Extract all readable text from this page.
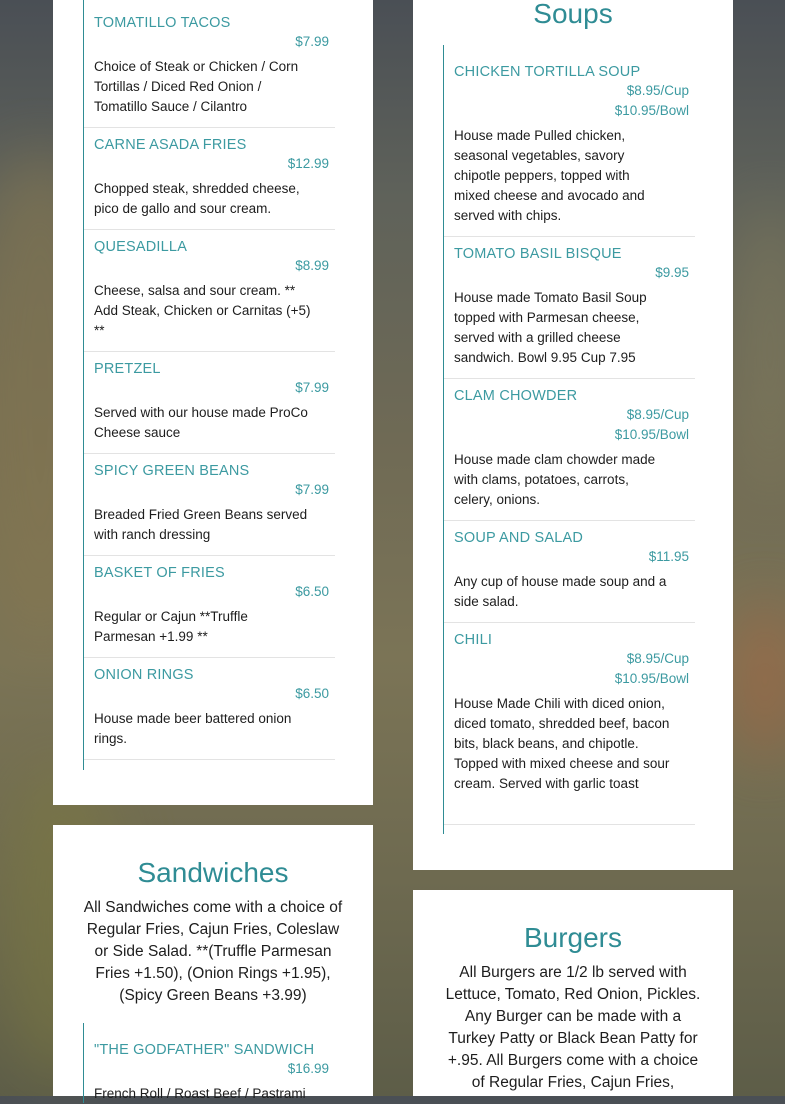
TOMATILLO TACOS
$7.99
Choice of Steak or Chicken / Corn Tortillas / Diced Red Onion / Tomatillo Sauce / Cilantro
CARNE ASADA FRIES
$12.99
Chopped steak, shredded cheese, pico de gallo and sour cream.
QUESADILLA
$8.99
Cheese, salsa and sour cream. ** Add Steak, Chicken or Carnitas (+5) **
PRETZEL
$7.99
Served with our house made ProCo Cheese sauce
SPICY GREEN BEANS
$7.99
Breaded Fried Green Beans served with ranch dressing
BASKET OF FRIES
$6.50
Regular or Cajun **Truffle Parmesan +1.99 **
ONION RINGS
$6.50
House made beer battered onion rings.
Soups
CHICKEN TORTILLA SOUP
$8.95/Cup $10.95/Bowl
House made Pulled chicken, seasonal vegetables, savory chipotle peppers, topped with mixed cheese and avocado and served with chips.
TOMATO BASIL BISQUE
$9.95
House made Tomato Basil Soup topped with Parmesan cheese, served with a grilled cheese sandwich. Bowl 9.95 Cup 7.95
CLAM CHOWDER
$8.95/Cup $10.95/Bowl
House made clam chowder made with clams, potatoes, carrots, celery, onions.
SOUP AND SALAD
$11.95
Any cup of house made soup and a side salad.
CHILI
$8.95/Cup $10.95/Bowl
House Made Chili with diced onion, diced tomato, shredded beef, bacon bits, black beans, and chipotle. Topped with mixed cheese and sour cream. Served with garlic toast
Sandwiches
All Sandwiches come with a choice of Regular Fries, Cajun Fries, Coleslaw or Side Salad. **(Truffle Parmesan Fries +1.50), (Onion Rings +1.95), (Spicy Green Beans +3.99)
"THE GODFATHER" SANDWICH
$16.99
French Roll / Roast Beef / Pastrami
Burgers
All Burgers are 1/2 lb served with Lettuce, Tomato, Red Onion, Pickles. Any Burger can be made with a Turkey Patty or Black Bean Patty for +.95. All Burgers come with a choice of Regular Fries, Cajun Fries,
